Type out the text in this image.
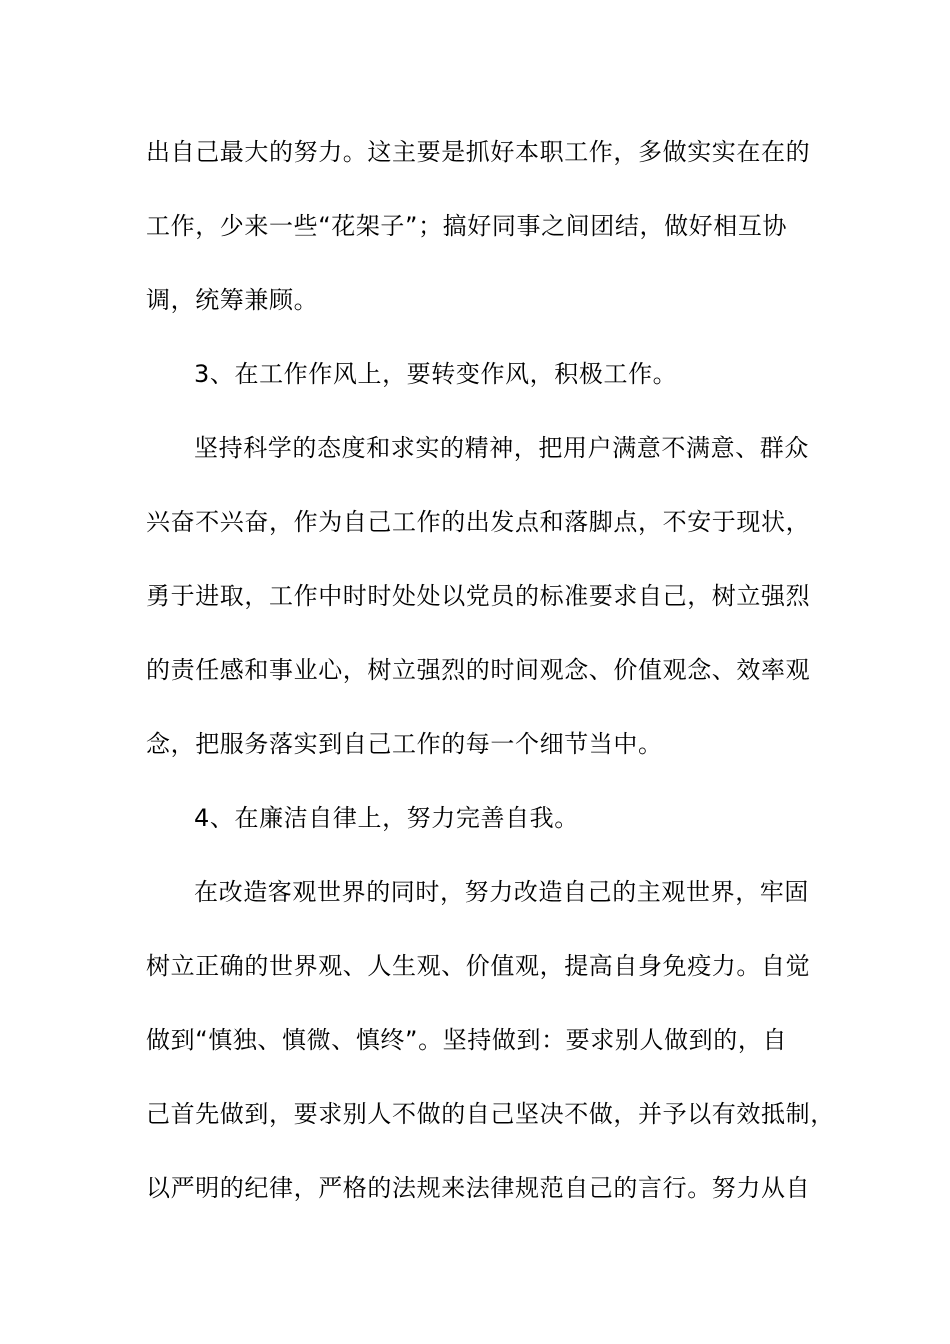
出自己最大的努力。这主要是抓好本职工作，多做实实在在的
工作，少来一些“花架子”；搞好同事之间团结，做好相互协
调，统筹兼顾。
3、在工作作风上，要转变作风，积极工作。
坚持科学的态度和求实的精神，把用户满意不满意、群众
兴奋不兴奋，作为自己工作的出发点和落脚点，不安于现状，
勇于进取，工作中时时处处以党员的标准要求自己，树立强烈
的责任感和事业心，树立强烈的时间观念、价值观念、效率观
念，把服务落实到自己工作的每一个细节当中。
4、在廉洁自律上，努力完善自我。
在改造客观世界的同时，努力改造自己的主观世界，牢固
树立正确的世界观、人生观、价值观，提高自身免疫力。自觉
做到“慎独、慎微、慎终”。坚持做到：要求别人做到的，自
己首先做到，要求别人不做的自己坚决不做，并予以有效抵制，
以严明的纪律，严格的法规来法律规范自己的言行。努力从自
